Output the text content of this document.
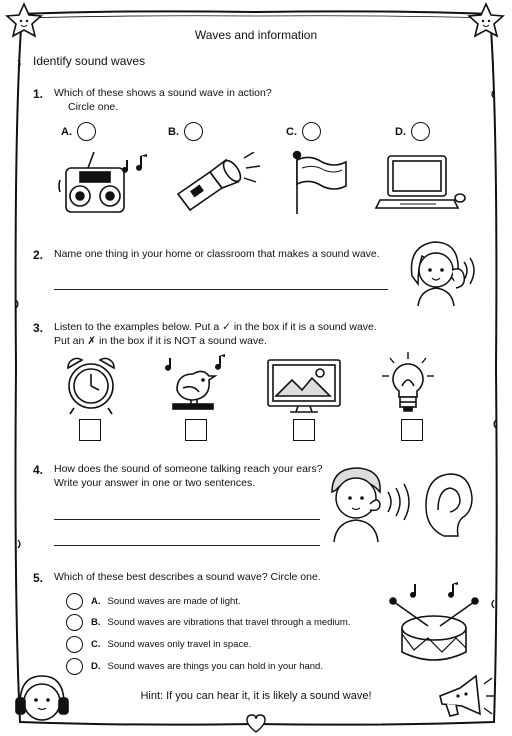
Waves and information
Identify sound waves
1. Which of these shows a sound wave in action?
Circle one.
A.	B.	C.	D.
2. Name one thing in your home or classroom that makes a sound wave.
3. Listen to the examples below. Put a ✓ in the box if it is a sound wave.
Put an ✗ in the box if it is NOT a sound wave.
4. How does the sound of someone talking reach your ears?
Write your answer in one or two sentences.
5. Which of these best describes a sound wave? Circle one.
A. Sound waves are made of light.
B. Sound waves are vibrations that travel through a medium.
C. Sound waves only travel in space.
D. Sound waves are things you can hold in your hand.
Hint: If you can hear it, it is likely a sound wave!
